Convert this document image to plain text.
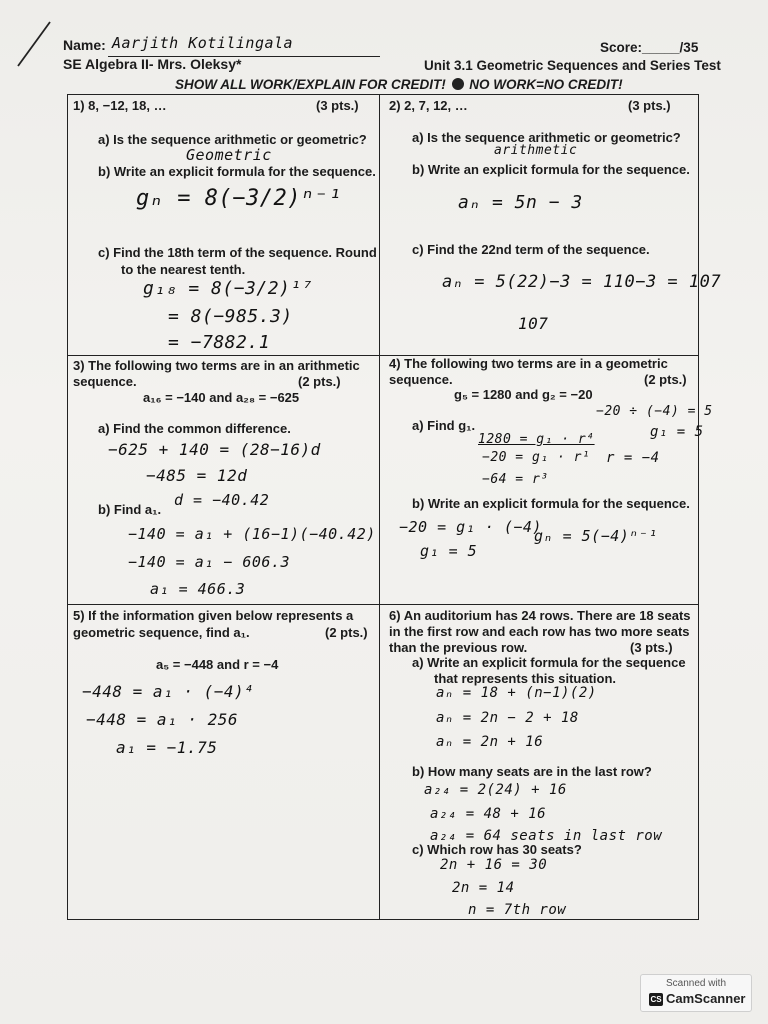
Name: Aarjith Kotilingala
SE Algebra II- Mrs. Oleksy*
Score:_____/35
Unit 3.1 Geometric Sequences and Series Test
SHOW ALL WORK/EXPLAIN FOR CREDIT! NO WORK=NO CREDIT!
1) 8, −12, 18, …	(3 pts.)
a) Is the sequence arithmetic or geometric?
Geometric
b) Write an explicit formula for the sequence.
gₙ = 8(−3/2)ⁿ⁻¹
c) Find the 18th term of the sequence. Round
to the nearest tenth.
g₁₈ = 8(−3/2)¹⁷
= 8(−985.3)
= −7882.1
2) 2, 7, 12, …	(3 pts.)
a) Is the sequence arithmetic or geometric?
arithmetic
b) Write an explicit formula for the sequence.
aₙ = 5n − 3
c) Find the 22nd term of the sequence.
aₙ = 5(22)−3 = 110−3 = 107
107
3) The following two terms are in an arithmetic
sequence.	(2 pts.)
a₁₆ = −140 and a₂₈ = −625
a) Find the common difference.
−625 + 140 = (28−16)d
−485 = 12d
d = −40.42
b) Find a₁.
−140 = a₁ + (16−1)(−40.42)
−140 = a₁ − 606.3
a₁ = 466.3
4) The following two terms are in a geometric
sequence.	(2 pts.)
g₅ = 1280 and g₂ = −20
−20 ÷ (−4) = 5
g₁ = 5
a) Find g₁.
1280 = g₁ · r⁴
−20 = g₁ · r¹ r = −4
−64 = r³
b) Write an explicit formula for the sequence.
−20 = g₁ · (−4)
gₙ = 5(−4)ⁿ⁻¹
g₁ = 5
5) If the information given below represents a
geometric sequence, find a₁.	(2 pts.)
a₅ = −448 and r = −4
−448 = a₁ · (−4)⁴
−448 = a₁ · 256
a₁ = −1.75
6) An auditorium has 24 rows. There are 18 seats
in the first row and each row has two more seats
than the previous row.	(3 pts.)
a) Write an explicit formula for the sequence
that represents this situation.
aₙ = 18 + (n−1)(2)
aₙ = 2n − 2 + 18
aₙ = 2n + 16
b) How many seats are in the last row?
a₂₄ = 2(24) + 16
a₂₄ = 48 + 16
a₂₄ = 64 seats in last row
c) Which row has 30 seats?
2n + 16 = 30
2n = 14
n = 7th row
Scanned with
CS CamScanner
